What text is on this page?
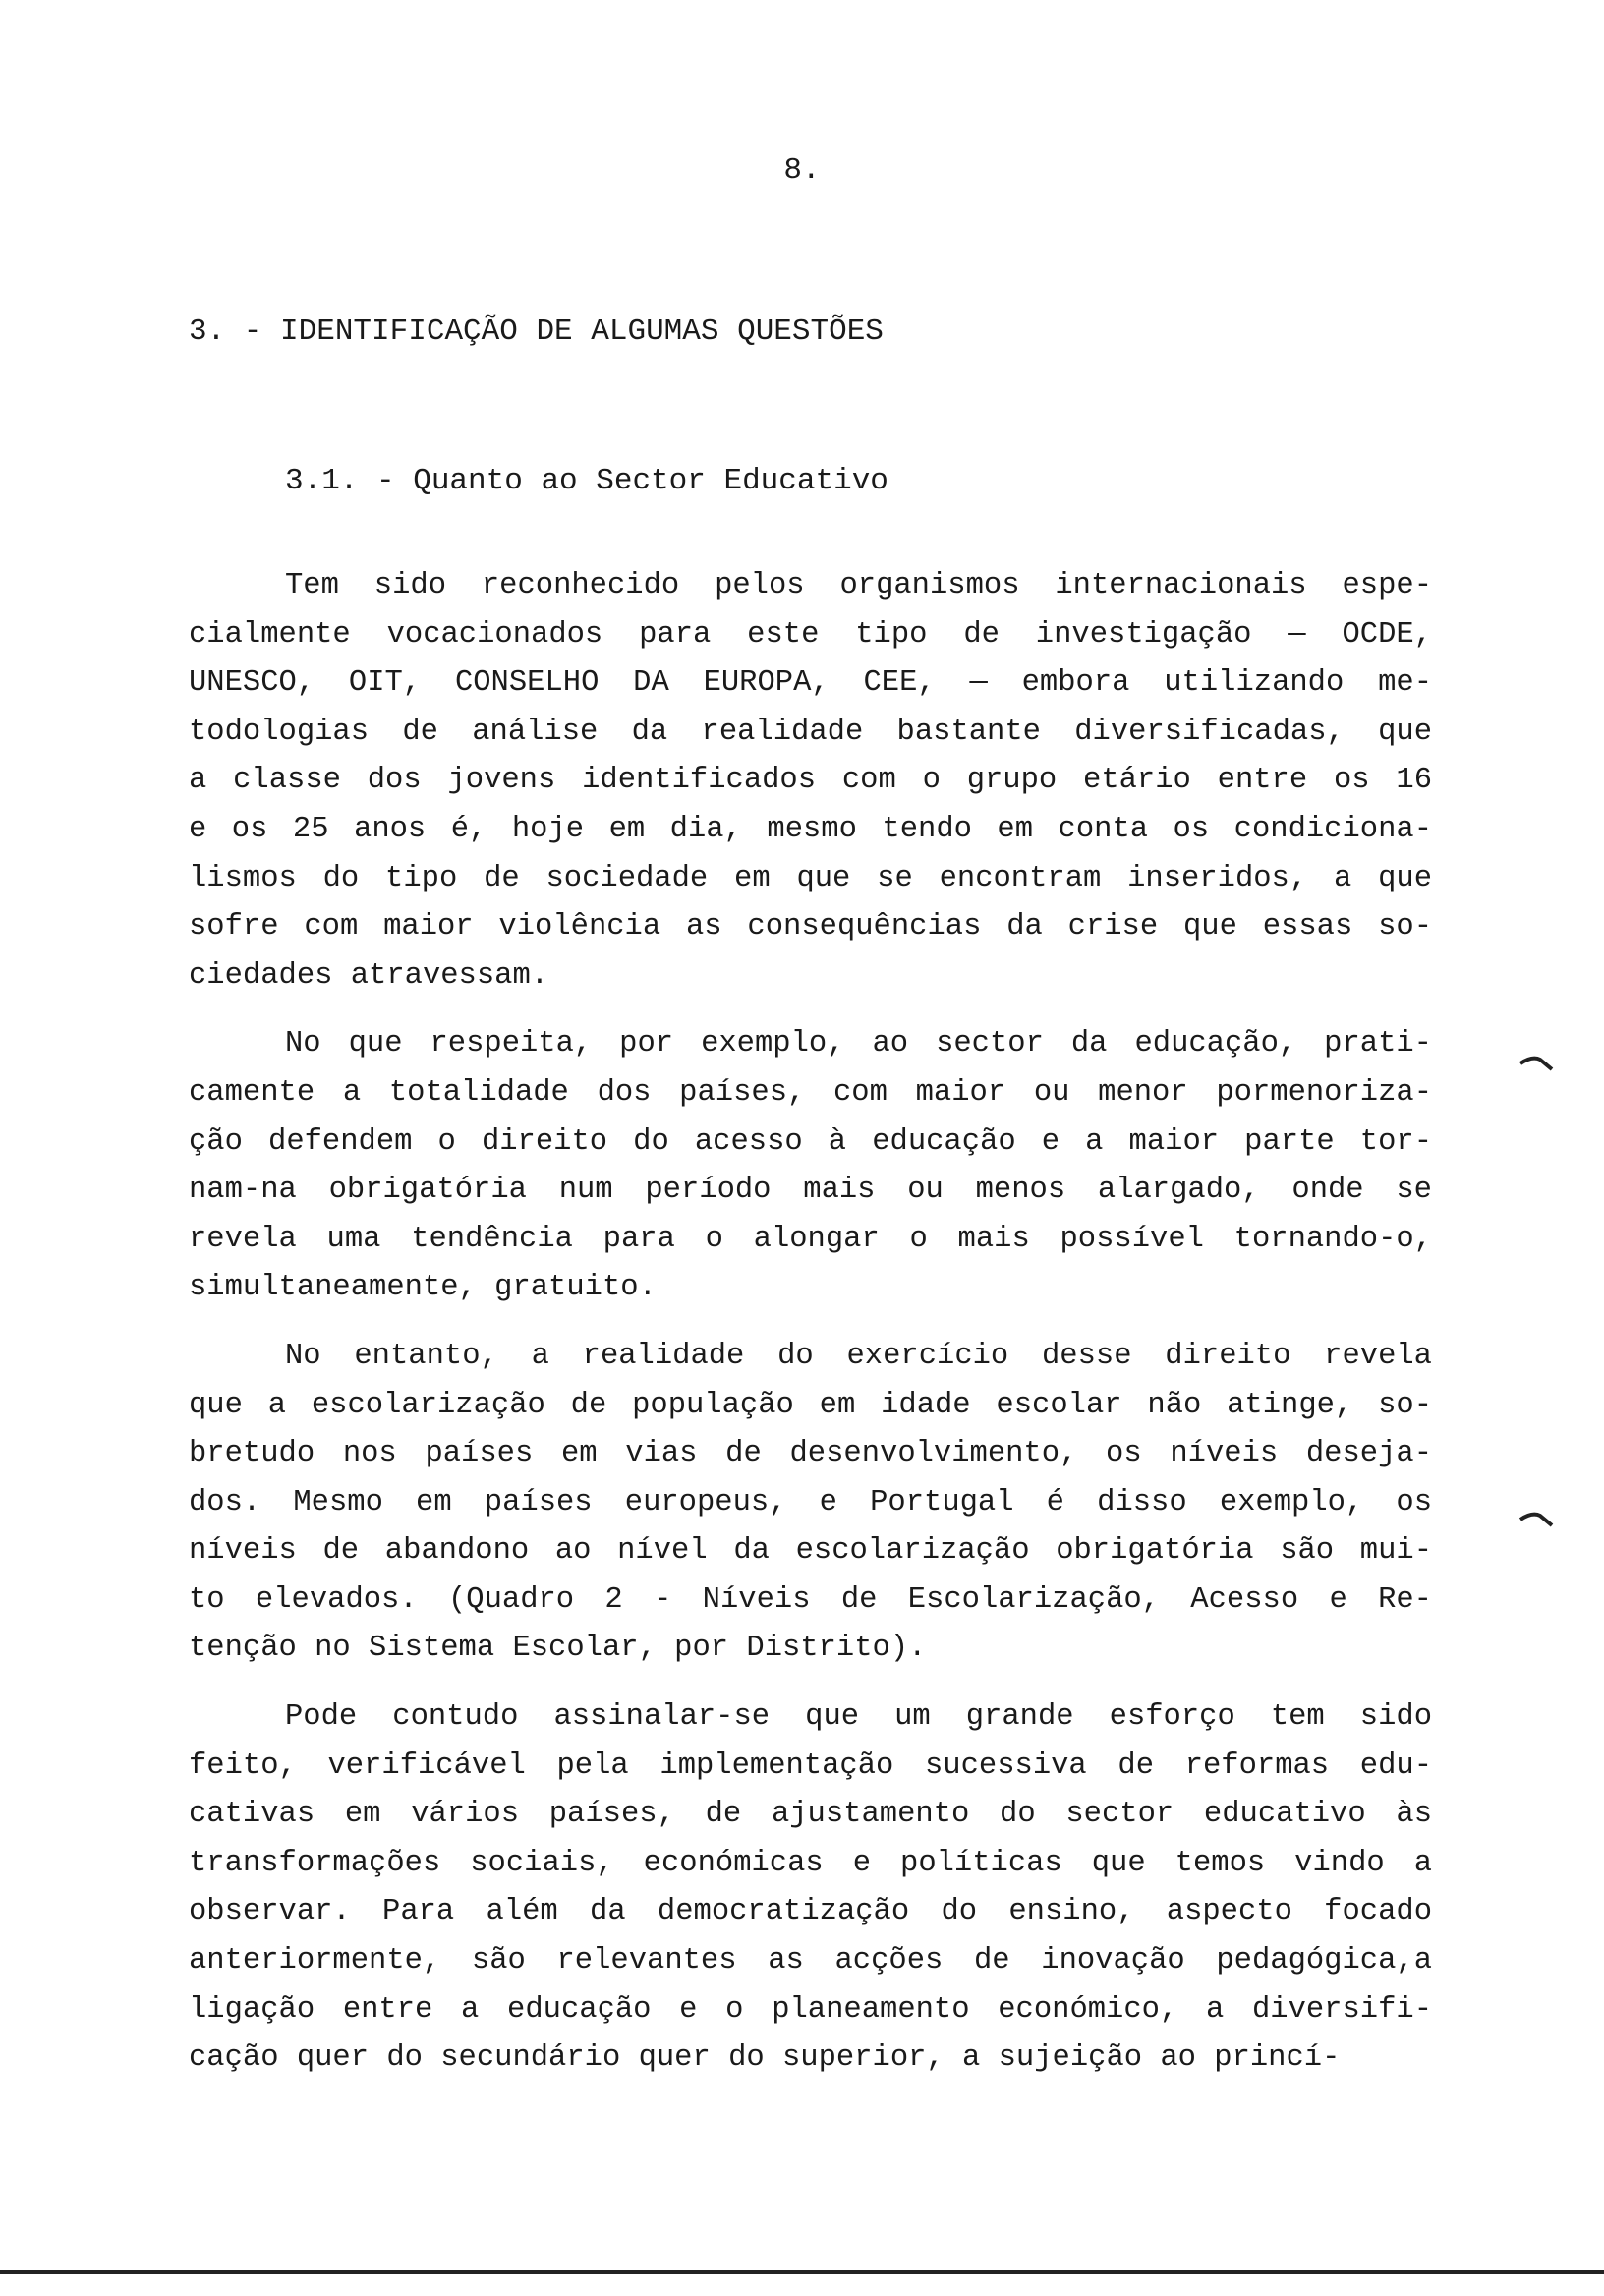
8.
3. - IDENTIFICAÇÃO DE ALGUMAS QUESTÕES
3.1. - Quanto ao Sector Educativo
Tem sido reconhecido pelos organismos internacionais espe-
cialmente vocacionados para este tipo de investigação — OCDE,
UNESCO, OIT, CONSELHO DA EUROPA, CEE, — embora utilizando me-
todologias de análise da realidade bastante diversificadas, que
a classe dos jovens identificados com o grupo etário entre os 16
e os 25 anos é, hoje em dia, mesmo tendo em conta os condiciona-
lismos do tipo de sociedade em que se encontram inseridos, a que
sofre com maior violência as consequências da crise que essas so-
ciedades atravessam.
No que respeita, por exemplo, ao sector da educação, prati-
camente a totalidade dos países, com maior ou menor pormenoriza-
ção defendem o direito do acesso à educação e a maior parte tor-
nam-na obrigatória num período mais ou menos alargado, onde se
revela uma tendência para o alongar o mais possível tornando-o,
simultaneamente, gratuito.
No entanto, a realidade do exercício desse direito revela
que a escolarização de população em idade escolar não atinge, so-
bretudo nos países em vias de desenvolvimento, os níveis deseja-
dos. Mesmo em países europeus, e Portugal é disso exemplo, os
níveis de abandono ao nível da escolarização obrigatória são mui-
to elevados. (Quadro 2 - Níveis de Escolarização, Acesso e Re-
tenção no Sistema Escolar, por Distrito).
Pode contudo assinalar-se que um grande esforço tem sido
feito, verificável pela implementação sucessiva de reformas edu-
cativas em vários países, de ajustamento do sector educativo às
transformações sociais, económicas e políticas que temos vindo a
observar. Para além da democratização do ensino, aspecto focado
anteriormente, são relevantes as acções de inovação pedagógica,a
ligação entre a educação e o planeamento económico, a diversifi-
cação quer do secundário quer do superior, a sujeição ao princí-
